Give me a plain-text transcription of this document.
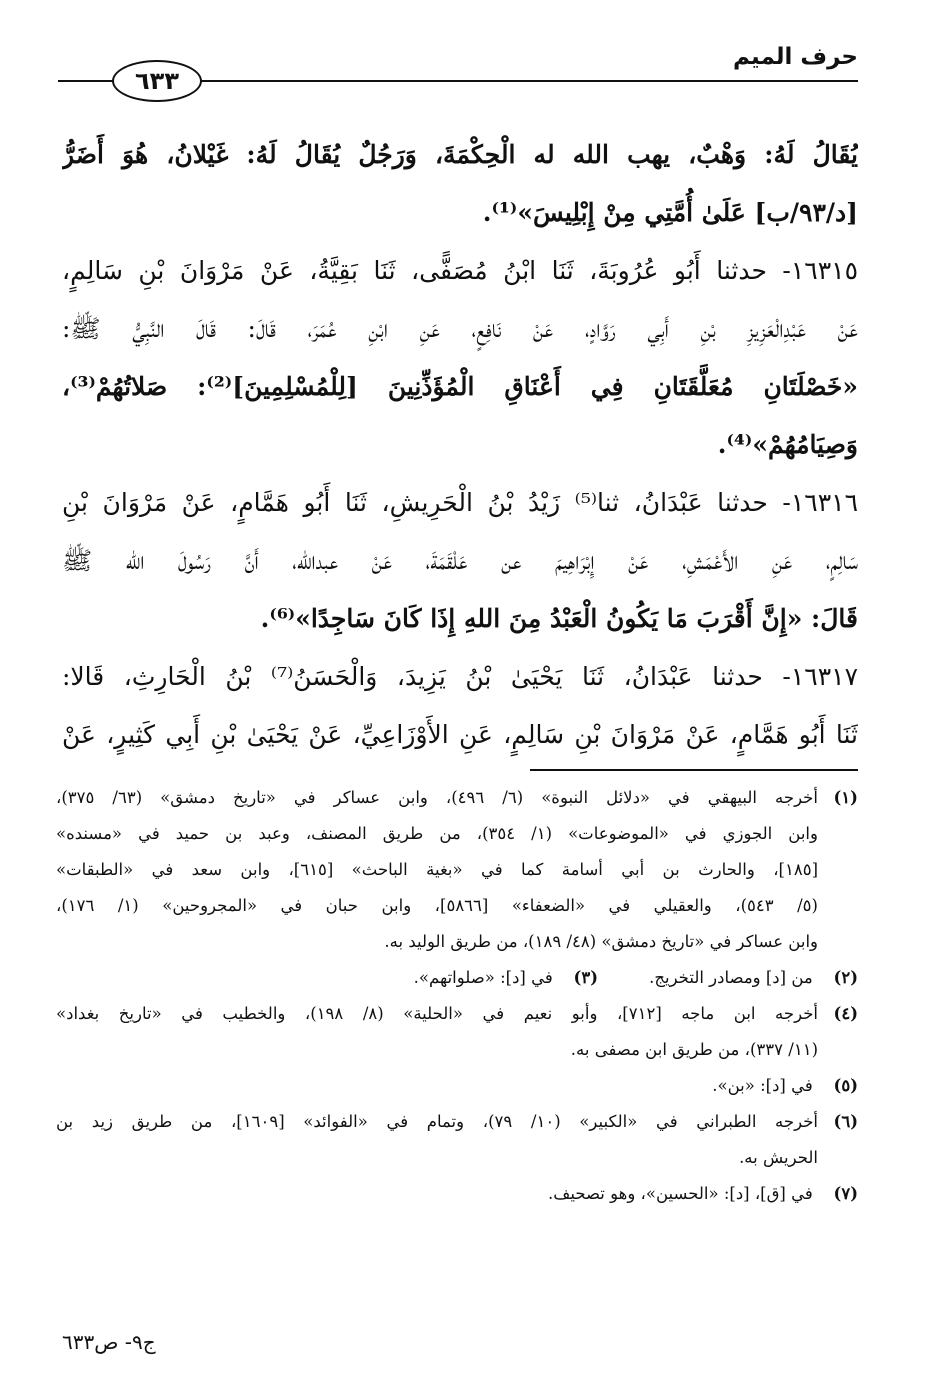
حرف الميم
٦٣٣
يُقَالُ لَهُ: وَهْبٌ، يهب الله له الْحِكْمَةَ، وَرَجُلٌ يُقَالُ لَهُ: غَيْلانُ، هُوَ أَضَرُّ
[د/٩٣/ب] عَلَىٰ أُمَّتِي مِنْ إِبْلِيسَ»⁽¹⁾.
١٦٣١٥- حدثنا أَبُو عُرُوبَةَ، ثَنَا ابْنُ مُصَفًّى، ثَنَا بَقِيَّةُ، عَنْ مَرْوَانَ بْنِ سَالِمٍ،
عَنْ عَبْدِالْعَزِيزِ بْنِ أَبِي رَوَّادٍ، عَنْ نَافِعٍ، عَنِ ابْنِ عُمَرَ، قَالَ: قَالَ النَّبِيُّ ﷺ:
«خَصْلَتَانِ مُعَلَّقَتَانِ فِي أَعْنَاقِ الْمُؤَذِّنِينَ [لِلْمُسْلِمِينَ]⁽²⁾: صَلاتُهُمْ⁽³⁾،
وَصِيَامُهُمْ»⁽⁴⁾.
١٦٣١٦- حدثنا عَبْدَانُ، ثنا⁽⁵⁾ زَيْدُ بْنُ الْحَرِيشِ، ثَنَا أَبُو هَمَّامٍ، عَنْ مَرْوَانَ بْنِ
سَالِمٍ، عَنِ الأَعْمَشِ، عَنْ إِبْرَاهِيمَ عن عَلْقَمَةَ، عَنْ عبدالله، أَنَّ رَسُولَ الله ﷺ
قَالَ: «إِنَّ أَقْرَبَ مَا يَكُونُ الْعَبْدُ مِنَ اللهِ إِذَا كَانَ سَاجِدًا»⁽⁶⁾.
١٦٣١٧- حدثنا عَبْدَانُ، ثَنَا يَحْيَىٰ بْنُ يَزِيدَ، وَالْحَسَنُ⁽⁷⁾ بْنُ الْحَارِثِ، قَالا:
ثَنَا أَبُو هَمَّامٍ، عَنْ مَرْوَانَ بْنِ سَالِمٍ، عَنِ الأَوْزَاعِيِّ، عَنْ يَحْيَىٰ بْنِ أَبِي كَثِيرٍ، عَنْ
(١)أخرجه البيهقي في «دلائل النبوة» (٦/ ٤٩٦)، وابن عساكر في «تاريخ دمشق» (٦٣/ ٣٧٥)،
وابن الجوزي في «الموضوعات» (١/ ٣٥٤)، من طريق المصنف، وعبد بن حميد في «مسنده»
[١٨٥]، والحارث بن أبي أسامة كما في «بغية الباحث» [٦١٥]، وابن سعد في «الطبقات»
(٥/ ٥٤٣)، والعقيلي في «الضعفاء» [٥٨٦٦]، وابن حبان في «المجروحين» (١/ ١٧٦)،
وابن عساكر في «تاريخ دمشق» (٤٨/ ١٨٩)، من طريق الوليد به.
(٢) من [د] ومصادر التخريج.
(٣) في [د]: «صلواتهم».
(٤)أخرجه ابن ماجه [٧١٢]، وأبو نعيم في «الحلية» (٨/ ١٩٨)، والخطيب في «تاريخ بغداد»
(١١/ ٣٣٧)، من طريق ابن مصفى به.
(٥) في [د]: «بن».
(٦)أخرجه الطبراني في «الكبير» (١٠/ ٧٩)، وتمام في «الفوائد» [١٦٠٩]، من طريق زيد بن
الحريش به.
(٧) في [ق]، [د]: «الحسين»، وهو تصحيف.
ج٩- ص٦٣٣
